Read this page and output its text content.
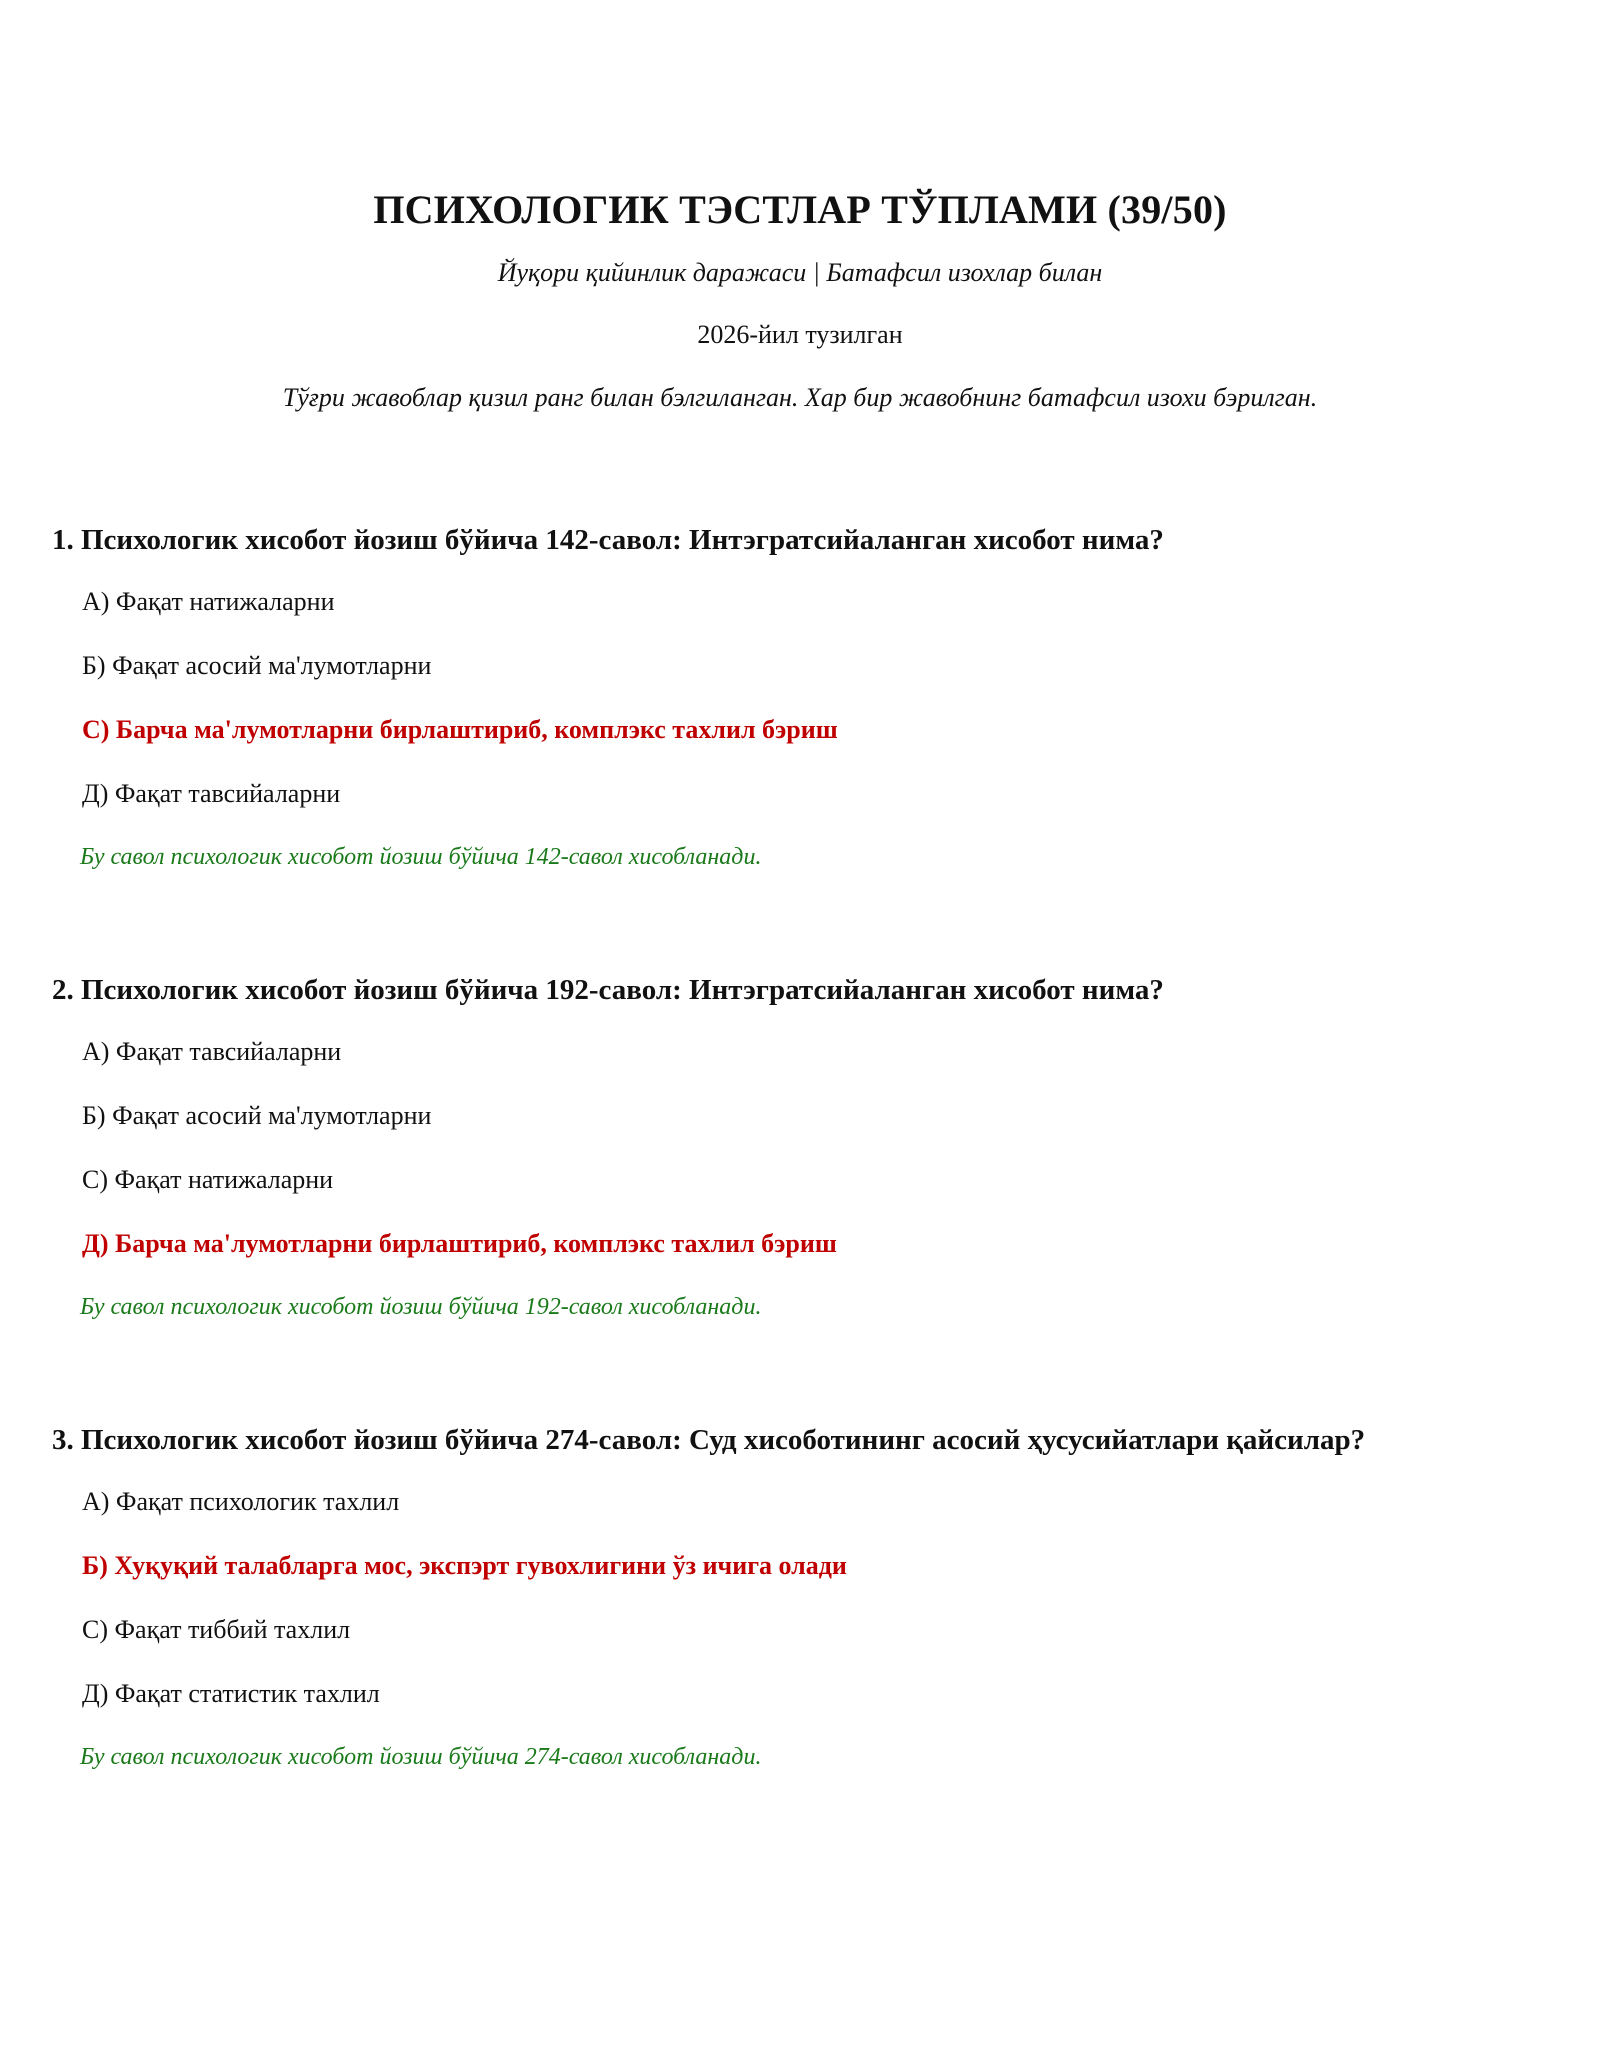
ПСИХОЛОГИК ТЭСТЛАР ТЎПЛАМИ (39/50)

Йуқори қийинлик даражаси | Батафсил изохлар билан

2026-йил тузилган

Тўғри жавоблар қизил ранг билан бэлгиланган. Хар бир жавобнинг батафсил изохи бэрилган.

1. Психологик хисобот йозиш бўйича 142-савол: Интэгратсийаланган хисобот нима?

А) Фақат натижаларни

Б) Фақат асосий ма'лумотларни

С) Барча ма'лумотларни бирлаштириб, комплэкс тахлил бэриш

Д) Фақат тавсийаларни

Бу савол психологик хисобот йозиш бўйича 142-савол хисобланади.

2. Психологик хисобот йозиш бўйича 192-савол: Интэгратсийаланган хисобот нима?

А) Фақат тавсийаларни

Б) Фақат асосий ма'лумотларни

С) Фақат натижаларни

Д) Барча ма'лумотларни бирлаштириб, комплэкс тахлил бэриш

Бу савол психологик хисобот йозиш бўйича 192-савол хисобланади.

3. Психологик хисобот йозиш бўйича 274-савол: Суд хисоботининг асосий ҳусусийатлари қайсилар?

А) Фақат психологик тахлил

Б) Хуқуқий талабларга мос, экспэрт гувохлигини ўз ичига олади

С) Фақат тиббий тахлил

Д) Фақат статистик тахлил

Бу савол психологик хисобот йозиш бўйича 274-савол хисобланади.
